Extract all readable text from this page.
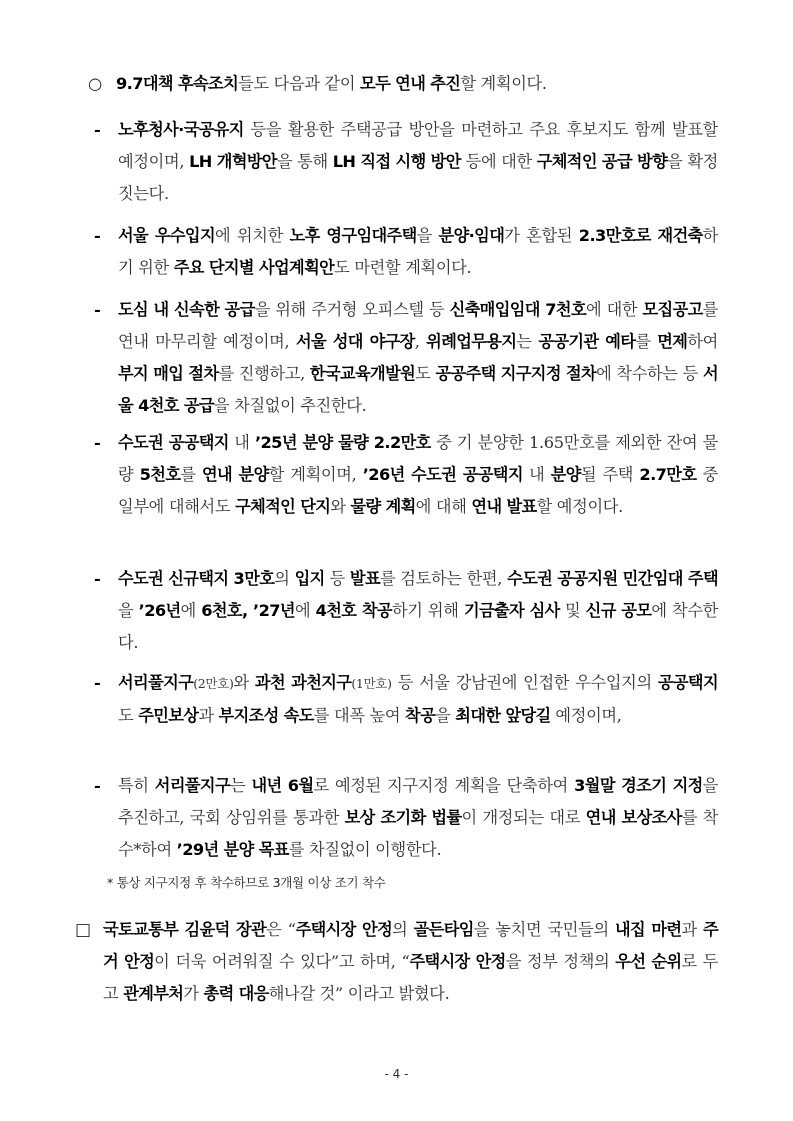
○ 9.7대책 후속조치들도 다음과 같이 모두 연내 추진할 계획이다.
- 노후청사·국공유지 등을 활용한 주택공급 방안을 마련하고 주요 후보지도 함께 발표할 예정이며, LH 개혁방안을 통해 LH 직접 시행 방안 등에 대한 구체적인 공급 방향을 확정짓는다.
- 서울 우수입지에 위치한 노후 영구임대주택을 분양·임대가 혼합된 2.3만호로 재건축하기 위한 주요 단지별 사업계획안도 마련할 계획이다.
- 도심 내 신속한 공급을 위해 주거형 오피스텔 등 신축매입임대 7천호에 대한 모집공고를 연내 마무리할 예정이며, 서울 성대 야구장, 위례업무용지는 공공기관 예타를 면제하여 부지 매입 절차를 진행하고, 한국교육개발원도 공공주택 지구지정 절차에 착수하는 등 서울 4천호 공급을 차질없이 추진한다.
- 수도권 공공택지 내 ’25년 분양 물량 2.2만호 중 기 분양한 1.65만호를 제외한 잔여 물량 5천호를 연내 분양할 계획이며, ’26년 수도권 공공택지 내 분양될 주택 2.7만호 중 일부에 대해서도 구체적인 단지와 물량 계획에 대해 연내 발표할 예정이다.
- 수도권 신규택지 3만호의 입지 등 발표를 검토하는 한편, 수도권 공공지원 민간임대 주택을 ’26년에 6천호, ’27년에 4천호 착공하기 위해 기금출자 심사 및 신규 공모에 착수한다.
- 서리풀지구(2만호)와 과천 과천지구(1만호) 등 서울 강남권에 인접한 우수입지의 공공택지도 주민보상과 부지조성 속도를 대폭 높여 착공을 최대한 앞당길 예정이며,
- 특히 서리풀지구는 내년 6월로 예정된 지구지정 계획을 단축하여 3월말 경조기 지정을 추진하고, 국회 상임위를 통과한 보상 조기화 법률이 개정되는 대로 연내 보상조사를 착수*하여 ’29년 분양 목표를 차질없이 이행한다.
* 통상 지구지정 후 착수하므로 3개월 이상 조기 착수
□ 국토교통부 김윤덕 장관은 “주택시장 안정의 골든타임을 놓치면 국민들의 내집 마련과 주거 안정이 더욱 어려워질 수 있다”고 하며, “주택시장 안정을 정부 정책의 우선 순위로 두고 관계부처가 총력 대응해나갈 것” 이라고 밝혔다.
- 4 -
